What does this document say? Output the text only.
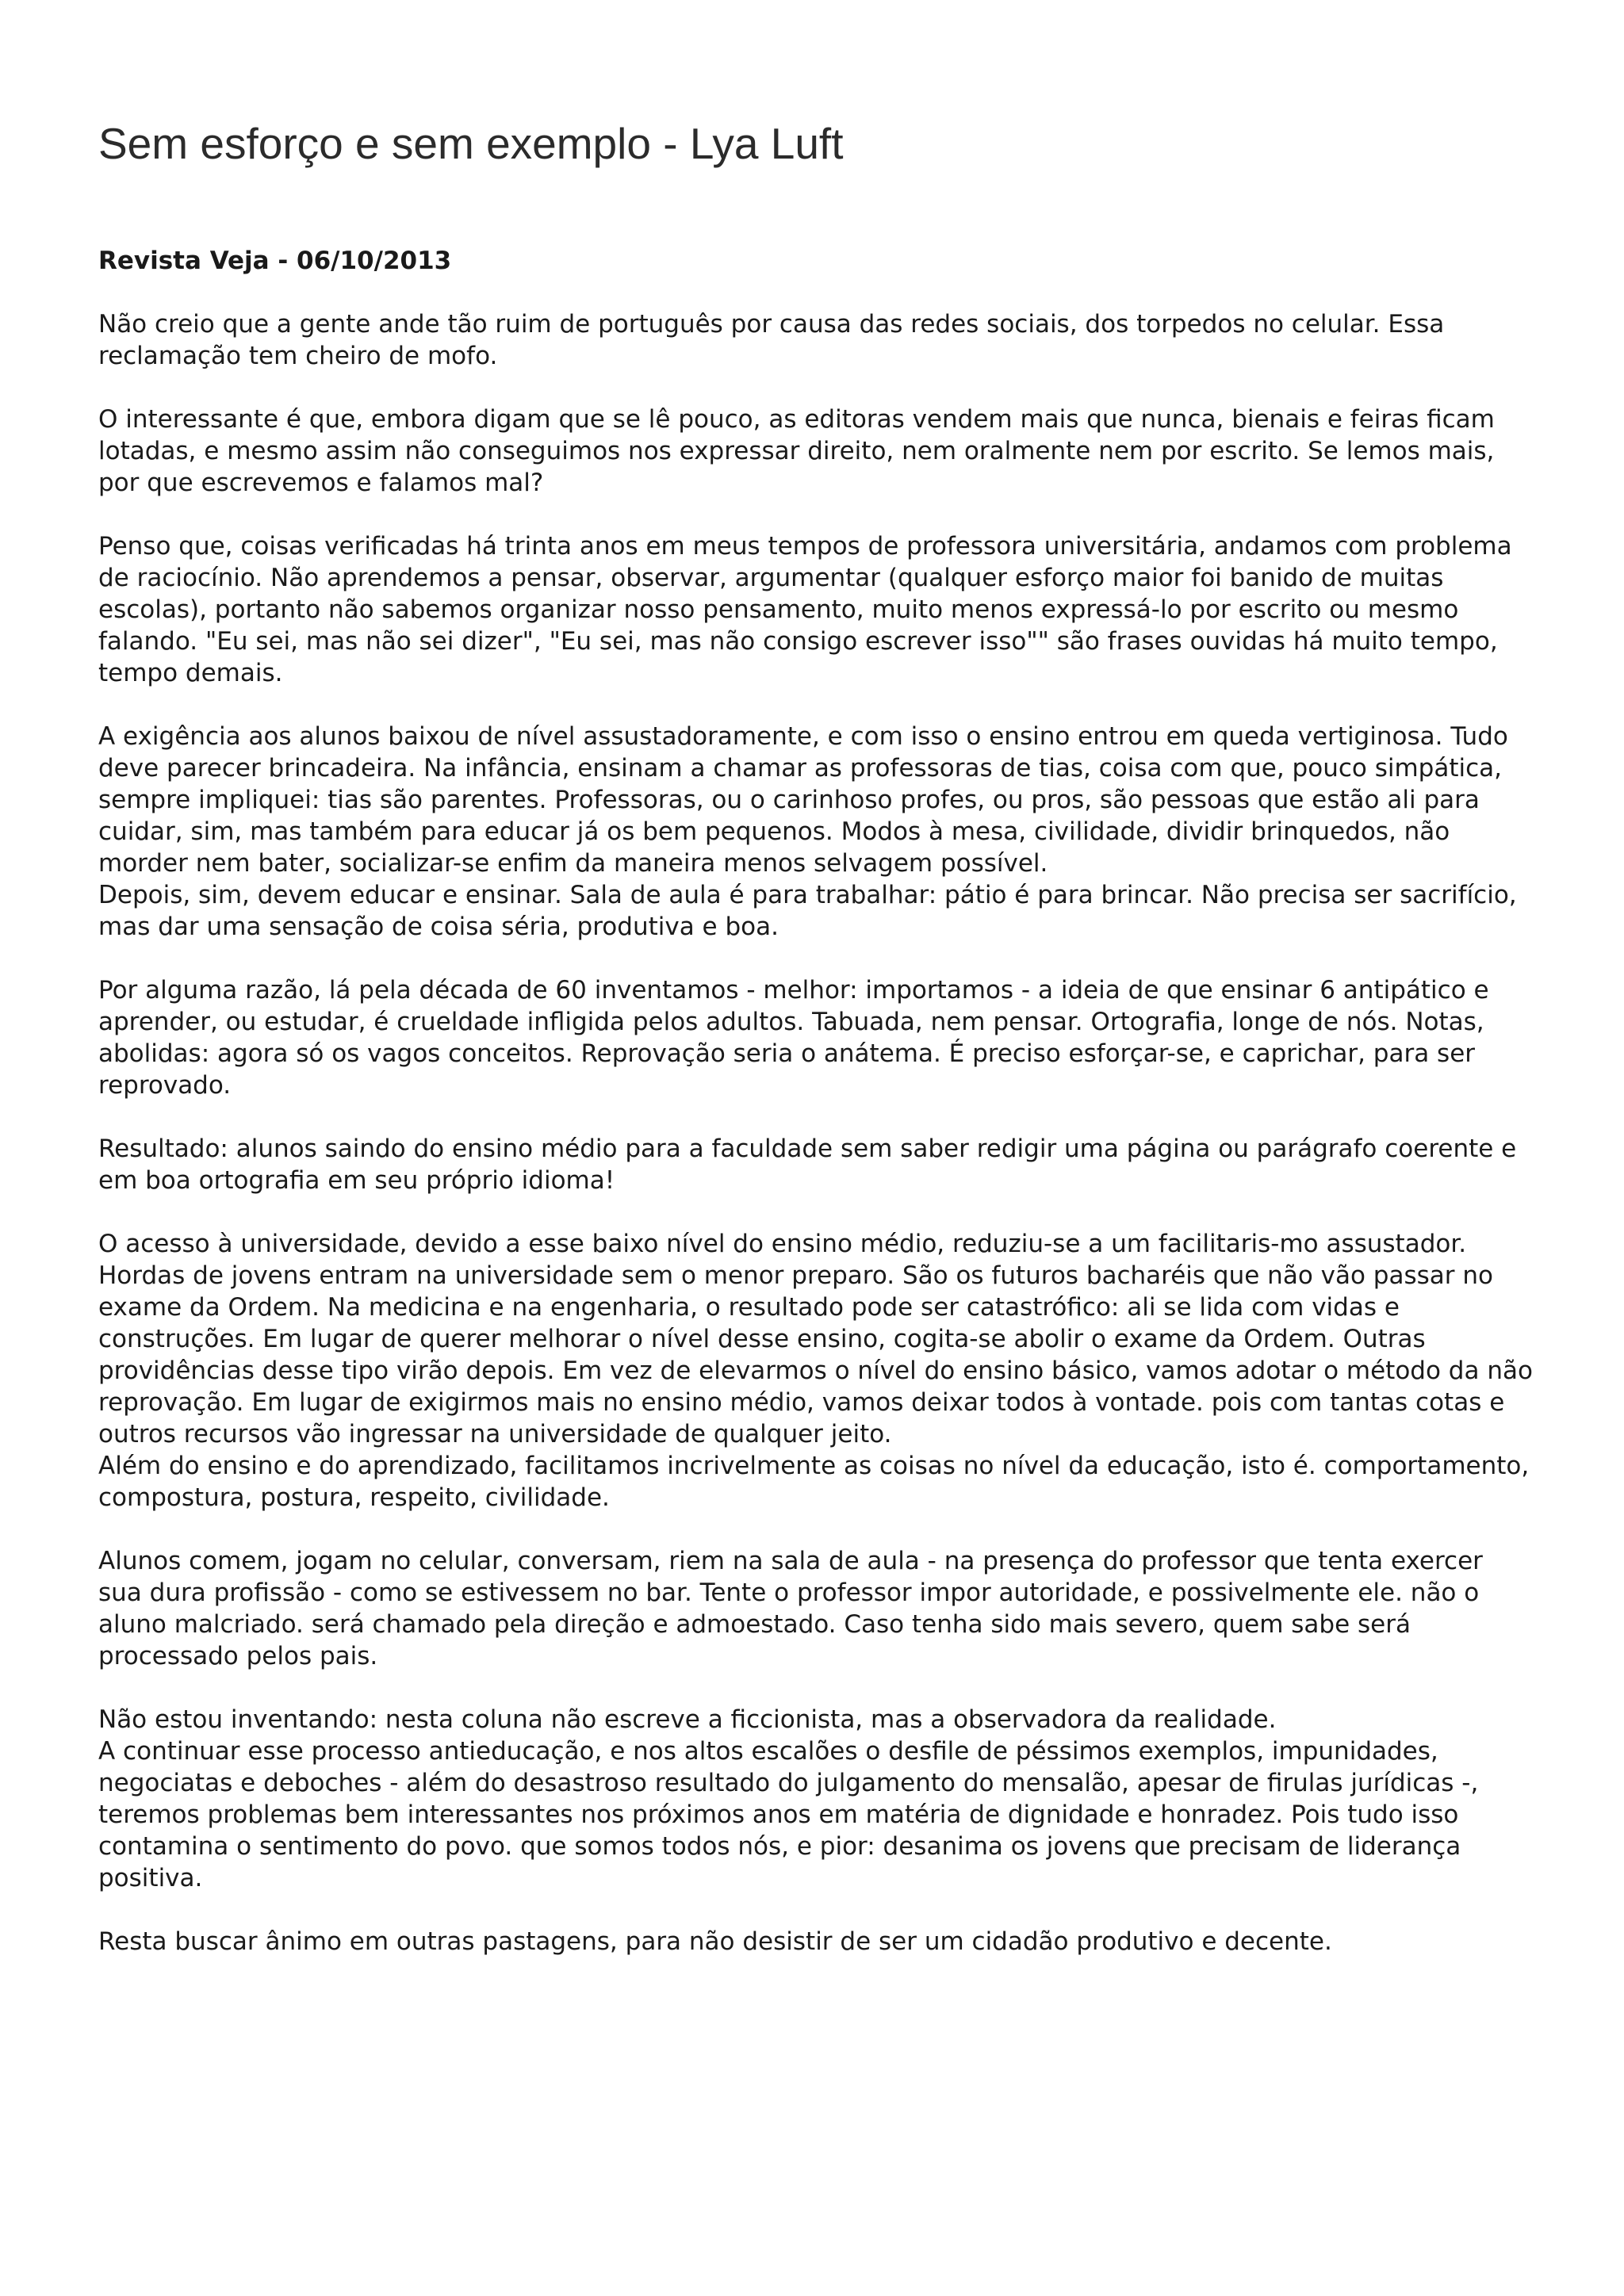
Sem esforço e sem exemplo - Lya Luft

Revista Veja - 06/10/2013

Não creio que a gente ande tão ruim de português por causa das redes sociais, dos torpedos no celular. Essa reclamação tem cheiro de mofo.

O interessante é que, embora digam que se lê pouco, as editoras vendem mais que nunca, bienais e feiras ficam lotadas, e mesmo assim não conseguimos nos expressar direito, nem oralmente nem por escrito. Se lemos mais, por que escrevemos e falamos mal?

Penso que, coisas verificadas há trinta anos em meus tempos de professora universitária, andamos com problema de raciocínio. Não aprendemos a pensar, observar, argumentar (qualquer esforço maior foi banido de muitas escolas), portanto não sabemos organizar nosso pensamento, muito menos expressá-lo por escrito ou mesmo falando. "Eu sei, mas não sei dizer", "Eu sei, mas não consigo escrever isso"" são frases ouvidas há muito tempo, tempo demais.

A exigência aos alunos baixou de nível assustadoramente, e com isso o ensino entrou em queda vertiginosa. Tudo deve parecer brincadeira. Na infância, ensinam a chamar as professoras de tias, coisa com que, pouco simpática, sempre impliquei: tias são parentes. Professoras, ou o carinhoso profes, ou pros, são pessoas que estão ali para cuidar, sim, mas também para educar já os bem pequenos. Modos à mesa, civilidade, dividir brinquedos, não morder nem bater, socializar-se enfim da maneira menos selvagem possível.

Depois, sim, devem educar e ensinar. Sala de aula é para trabalhar: pátio é para brincar. Não precisa ser sacrifício, mas dar uma sensação de coisa séria, produtiva e boa.

Por alguma razão, lá pela década de 60 inventamos - melhor: importamos - a ideia de que ensinar 6 antipático e aprender, ou estudar, é crueldade infligida pelos adultos. Tabuada, nem pensar. Ortografia, longe de nós. Notas, abolidas: agora só os vagos conceitos. Reprovação seria o anátema. É preciso esforçar-se, e caprichar, para ser reprovado.

Resultado: alunos saindo do ensino médio para a faculdade sem saber redigir uma página ou parágrafo coerente e em boa ortografia em seu próprio idioma!

O acesso à universidade, devido a esse baixo nível do ensino médio, reduziu-se a um facilitaris-mo assustador. Hordas de jovens entram na universidade sem o menor preparo. São os futuros bacharéis que não vão passar no exame da Ordem. Na medicina e na engenharia, o resultado pode ser catastrófico: ali se lida com vidas e construções. Em lugar de querer melhorar o nível desse ensino, cogita-se abolir o exame da Ordem. Outras providências desse tipo virão depois. Em vez de elevarmos o nível do ensino básico, vamos adotar o método da não reprovação. Em lugar de exigirmos mais no ensino médio, vamos deixar todos à vontade. pois com tantas cotas e outros recursos vão ingressar na universidade de qualquer jeito.

Além do ensino e do aprendizado, facilitamos incrivelmente as coisas no nível da educação, isto é. comportamento, compostura, postura, respeito, civilidade.

Alunos comem, jogam no celular, conversam, riem na sala de aula - na presença do professor que tenta exercer sua dura profissão - como se estivessem no bar. Tente o professor impor autoridade, e possivelmente ele. não o aluno malcriado. será chamado pela direção e admoestado. Caso tenha sido mais severo, quem sabe será processado pelos pais.

Não estou inventando: nesta coluna não escreve a ficcionista, mas a observadora da realidade.

A continuar esse processo antieducação, e nos altos escalões o desfile de péssimos exemplos, impunidades, negociatas e deboches - além do desastroso resultado do julgamento do mensalão, apesar de firulas jurídicas -, teremos problemas bem interessantes nos próximos anos em matéria de dignidade e honradez. Pois tudo isso contamina o sentimento do povo. que somos todos nós, e pior: desanima os jovens que precisam de liderança positiva.

Resta buscar ânimo em outras pastagens, para não desistir de ser um cidadão produtivo e decente.
